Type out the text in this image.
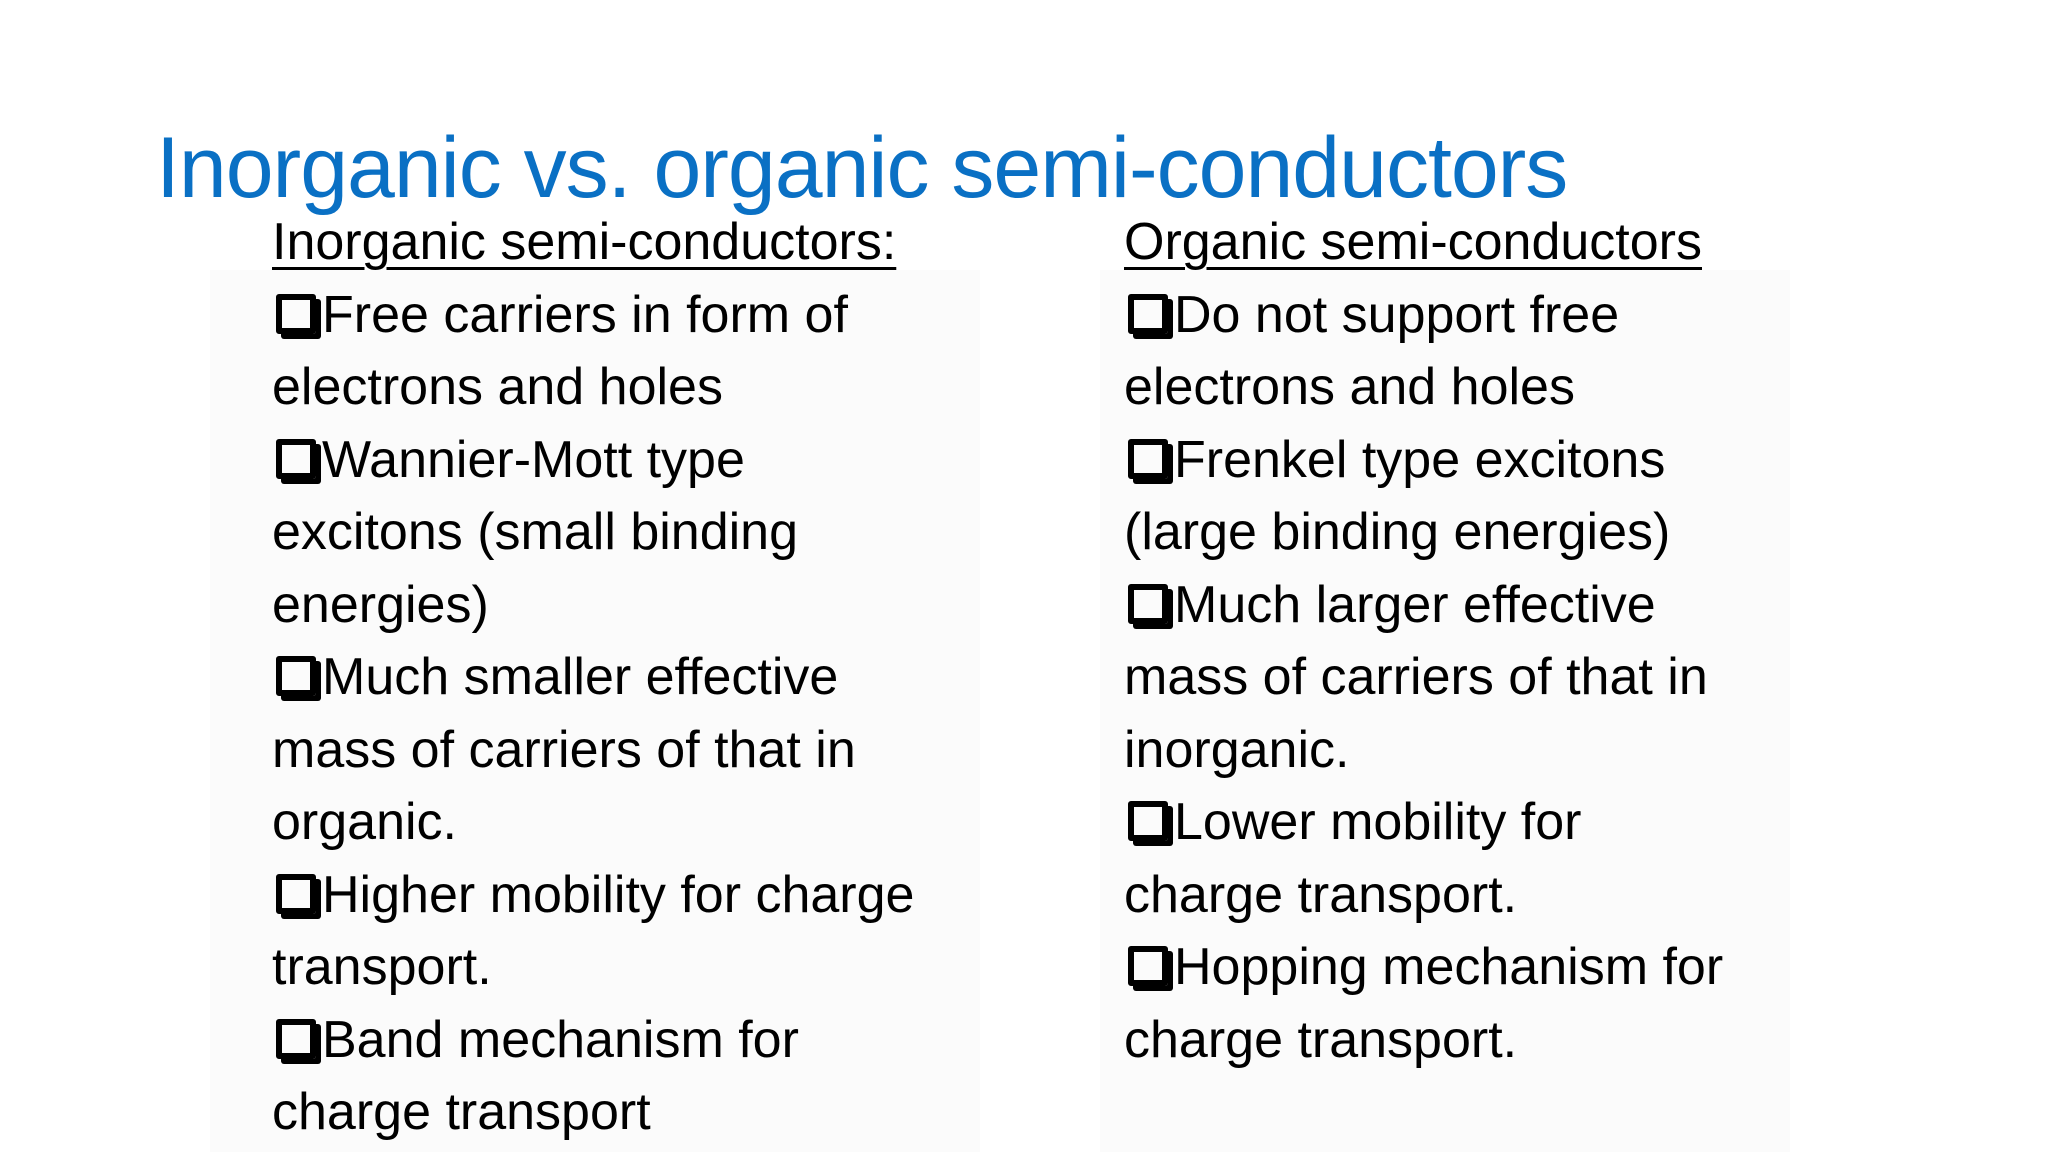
Inorganic vs. organic semi-conductors
Inorganic semi-conductors:
Free carriers in form of
electrons and holes
Wannier-Mott type
excitons (small binding
energies)
Much smaller effective
mass of carriers of that in
organic.
Higher mobility for charge
transport.
Band mechanism for
charge transport
Organic semi-conductors
Do not support free
electrons and holes
Frenkel type excitons
(large binding energies)
Much larger effective
mass of carriers of that in
inorganic.
Lower mobility for
charge transport.
Hopping mechanism for
charge transport.
